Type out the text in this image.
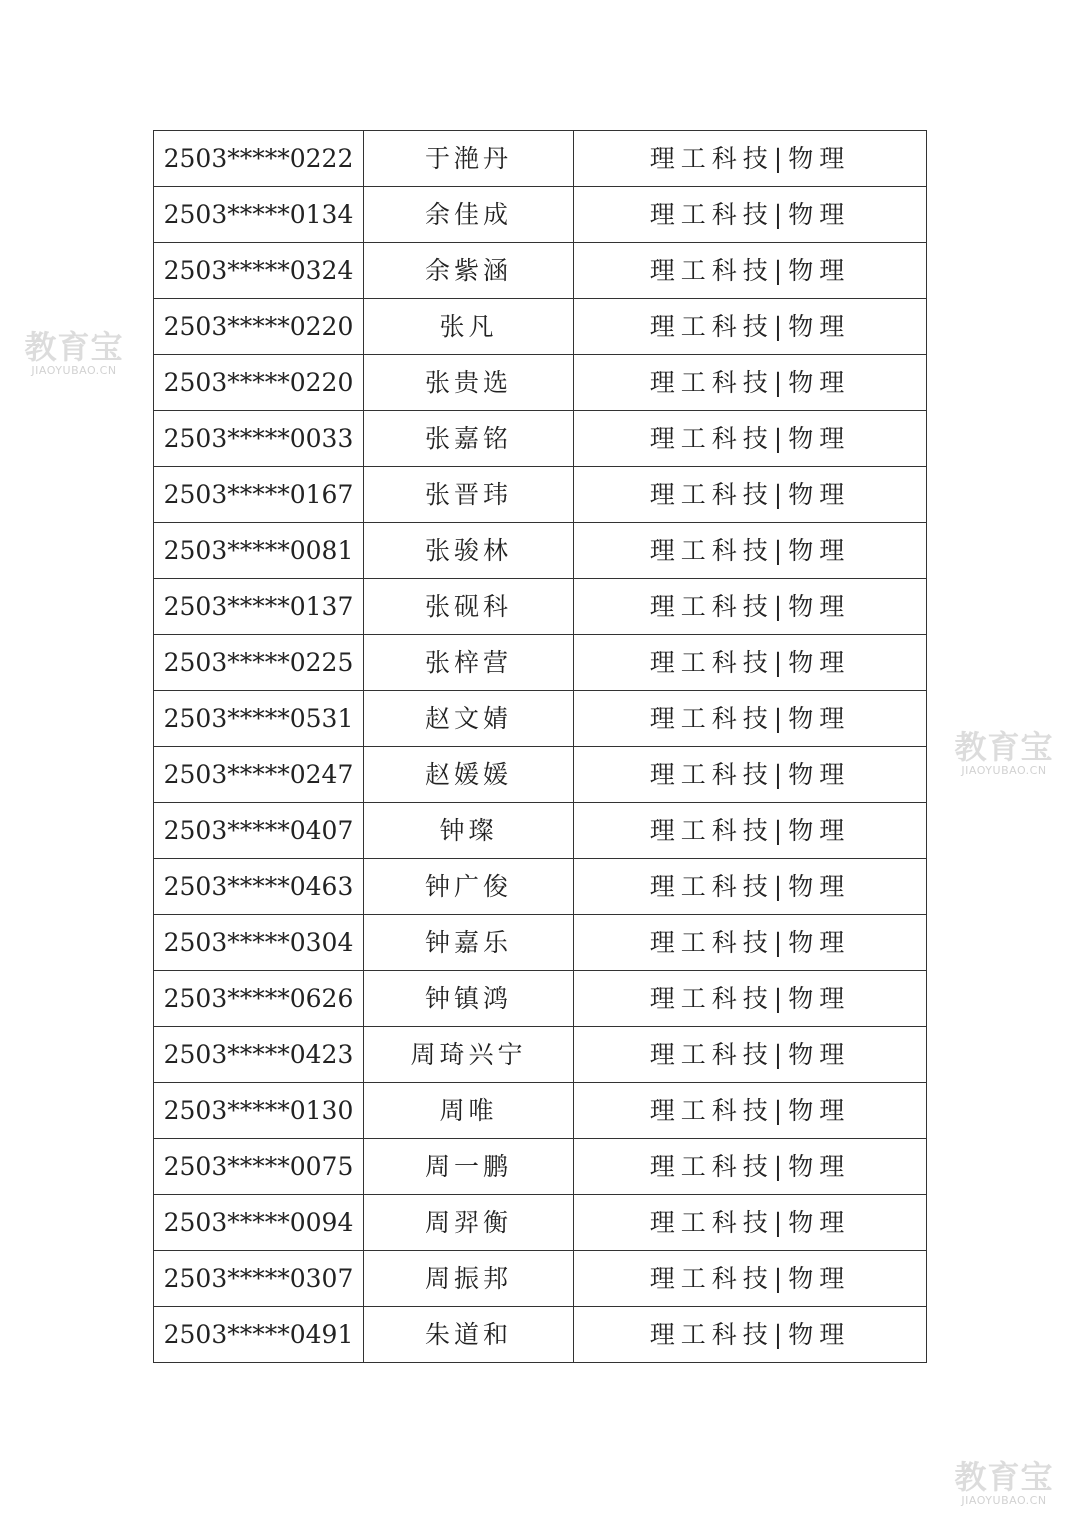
教育宝
JIAOYUBAO.CN
教育宝
JIAOYUBAO.CN
教育宝
JIAOYUBAO.CN
2503*****0222	于滟丹	理工科技|物理
2503*****0134	余佳成	理工科技|物理
2503*****0324	余紫涵	理工科技|物理
2503*****0220	张凡	理工科技|物理
2503*****0220	张贵选	理工科技|物理
2503*****0033	张嘉铭	理工科技|物理
2503*****0167	张晋玮	理工科技|物理
2503*****0081	张骏林	理工科技|物理
2503*****0137	张砚科	理工科技|物理
2503*****0225	张梓营	理工科技|物理
2503*****0531	赵文婧	理工科技|物理
2503*****0247	赵媛媛	理工科技|物理
2503*****0407	钟璨	理工科技|物理
2503*****0463	钟广俊	理工科技|物理
2503*****0304	钟嘉乐	理工科技|物理
2503*****0626	钟镇鸿	理工科技|物理
2503*****0423	周琦兴宁	理工科技|物理
2503*****0130	周唯	理工科技|物理
2503*****0075	周一鹏	理工科技|物理
2503*****0094	周羿衡	理工科技|物理
2503*****0307	周振邦	理工科技|物理
2503*****0491	朱道和	理工科技|物理
